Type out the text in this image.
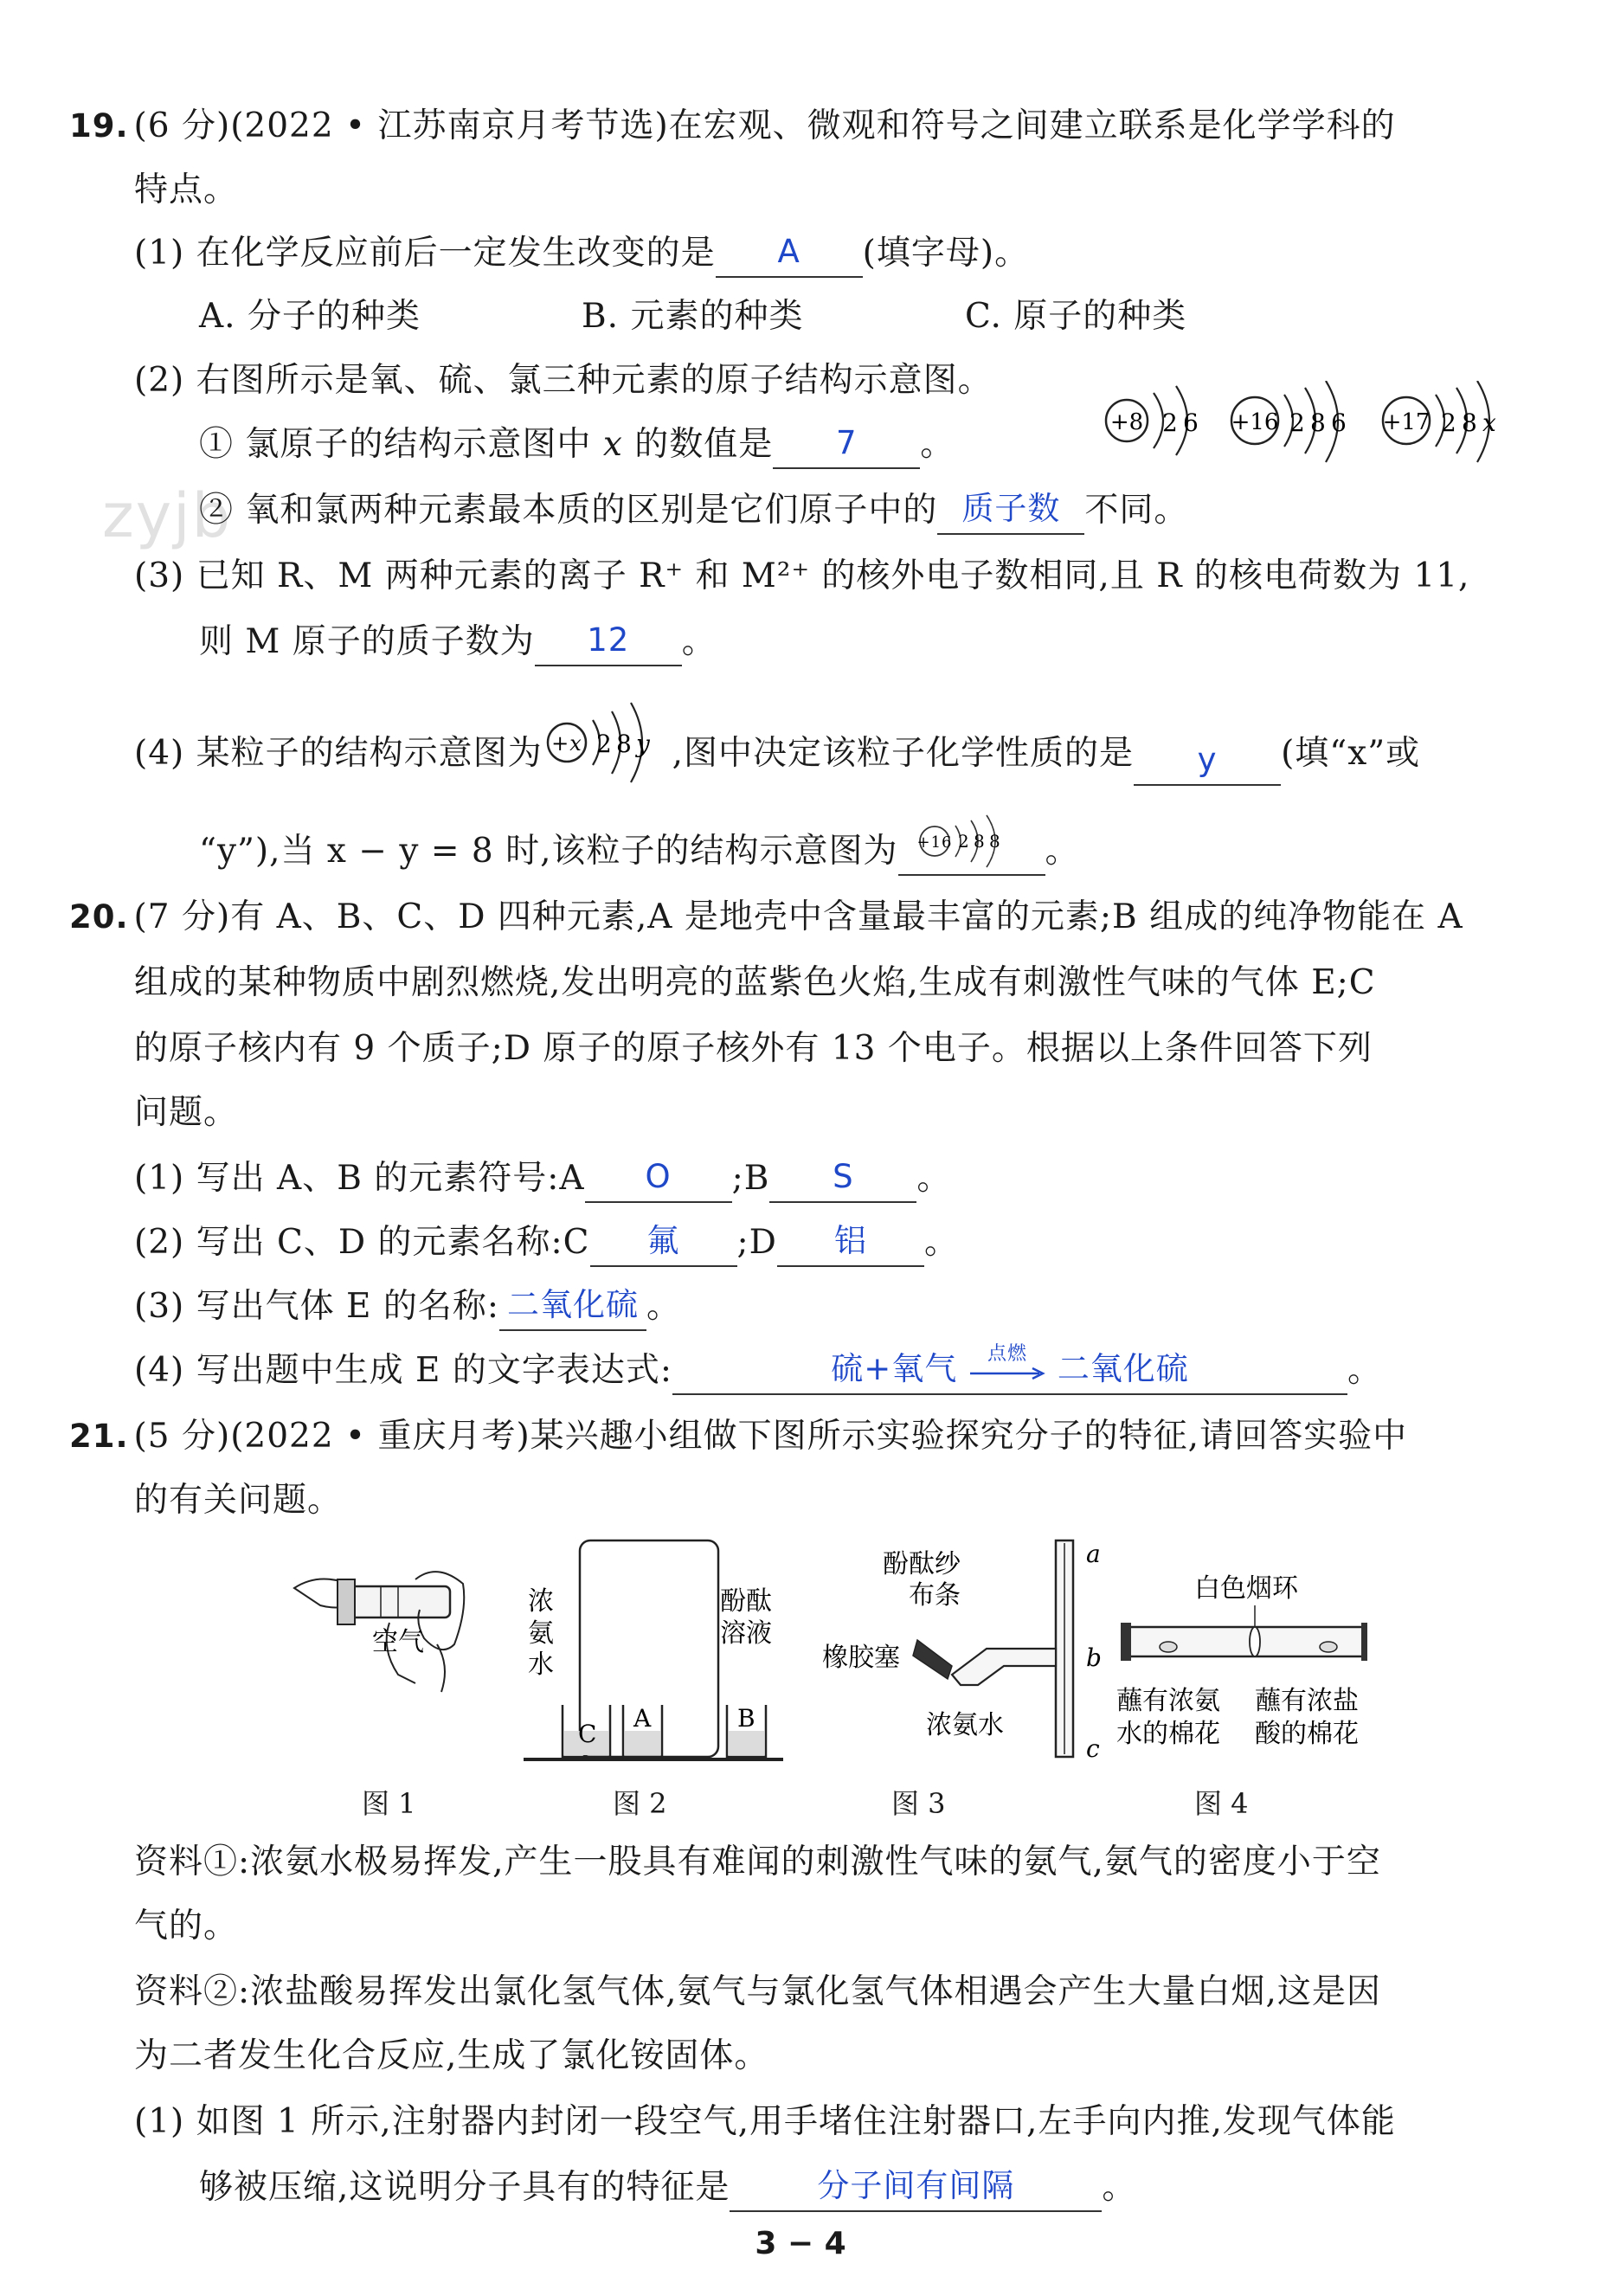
zyjb
19. (6 分)(2022 • 江苏南京月考节选)在宏观、微观和符号之间建立联系是化学学科的
特点。
(1) 在化学反应前后一定发生改变的是	A	(填字母)。
A. 分子的种类	B. 元素的种类	C. 原子的种类
(2) 右图所示是氧、硫、氯三种元素的原子结构示意图。
+8 2 6 +16 2 8 6 +17 2 8 x
① 氯原子的结构示意图中 x 的数值是	7	。
② 氧和氯两种元素最本质的区别是它们原子中的 质子数 不同。
(3) 已知 R、M 两种元素的离子 R⁺ 和 M²⁺ 的核外电子数相同,且 R 的核电荷数为 11,
则 M 原子的质子数为	12	。
(4) 某粒子的结构示意图为 +x 2 8 y ,图中决定该粒子化学性质的是	y	(填“x”或
“y”),当 x − y = 8 时,该粒子的结构示意图为 +16 2 8 8 。
20. (7 分)有 A、B、C、D 四种元素,A 是地壳中含量最丰富的元素;B 组成的纯净物能在 A
组成的某种物质中剧烈燃烧,发出明亮的蓝紫色火焰,生成有刺激性气味的气体 E;C
的原子核内有 9 个质子;D 原子的原子核外有 13 个电子。根据以上条件回答下列
问题。
(1) 写出 A、B 的元素符号:A	O	;B	S	。
(2) 写出 C、D 的元素名称:C	氟	;D	铝	。
(3) 写出气体 E 的名称: 二氧化硫 。
(4) 写出题中生成 E 的文字表达式:	硫+氧气	点燃 二氧化硫	。
21. (5 分)(2022 • 重庆月考)某兴趣小组做下图所示实验探究分子的特征,请回答实验中
的有关问题。
空气
浓
氨
水
酚酞
溶液
A	B
C
酚酞纱
布条
橡胶塞
浓氨水
a
b
c
白色烟环
蘸有浓氨
水的棉花
蘸有浓盐
酸的棉花
图 1	图 2	图 3	图 4
资料①:浓氨水极易挥发,产生一股具有难闻的刺激性气味的氨气,氨气的密度小于空
气的。
资料②:浓盐酸易挥发出氯化氢气体,氨气与氯化氢气体相遇会产生大量白烟,这是因
为二者发生化合反应,生成了氯化铵固体。
(1) 如图 1 所示,注射器内封闭一段空气,用手堵住注射器口,左手向内推,发现气体能
够被压缩,这说明分子具有的特征是	分子间有间隔	。
3 − 4
